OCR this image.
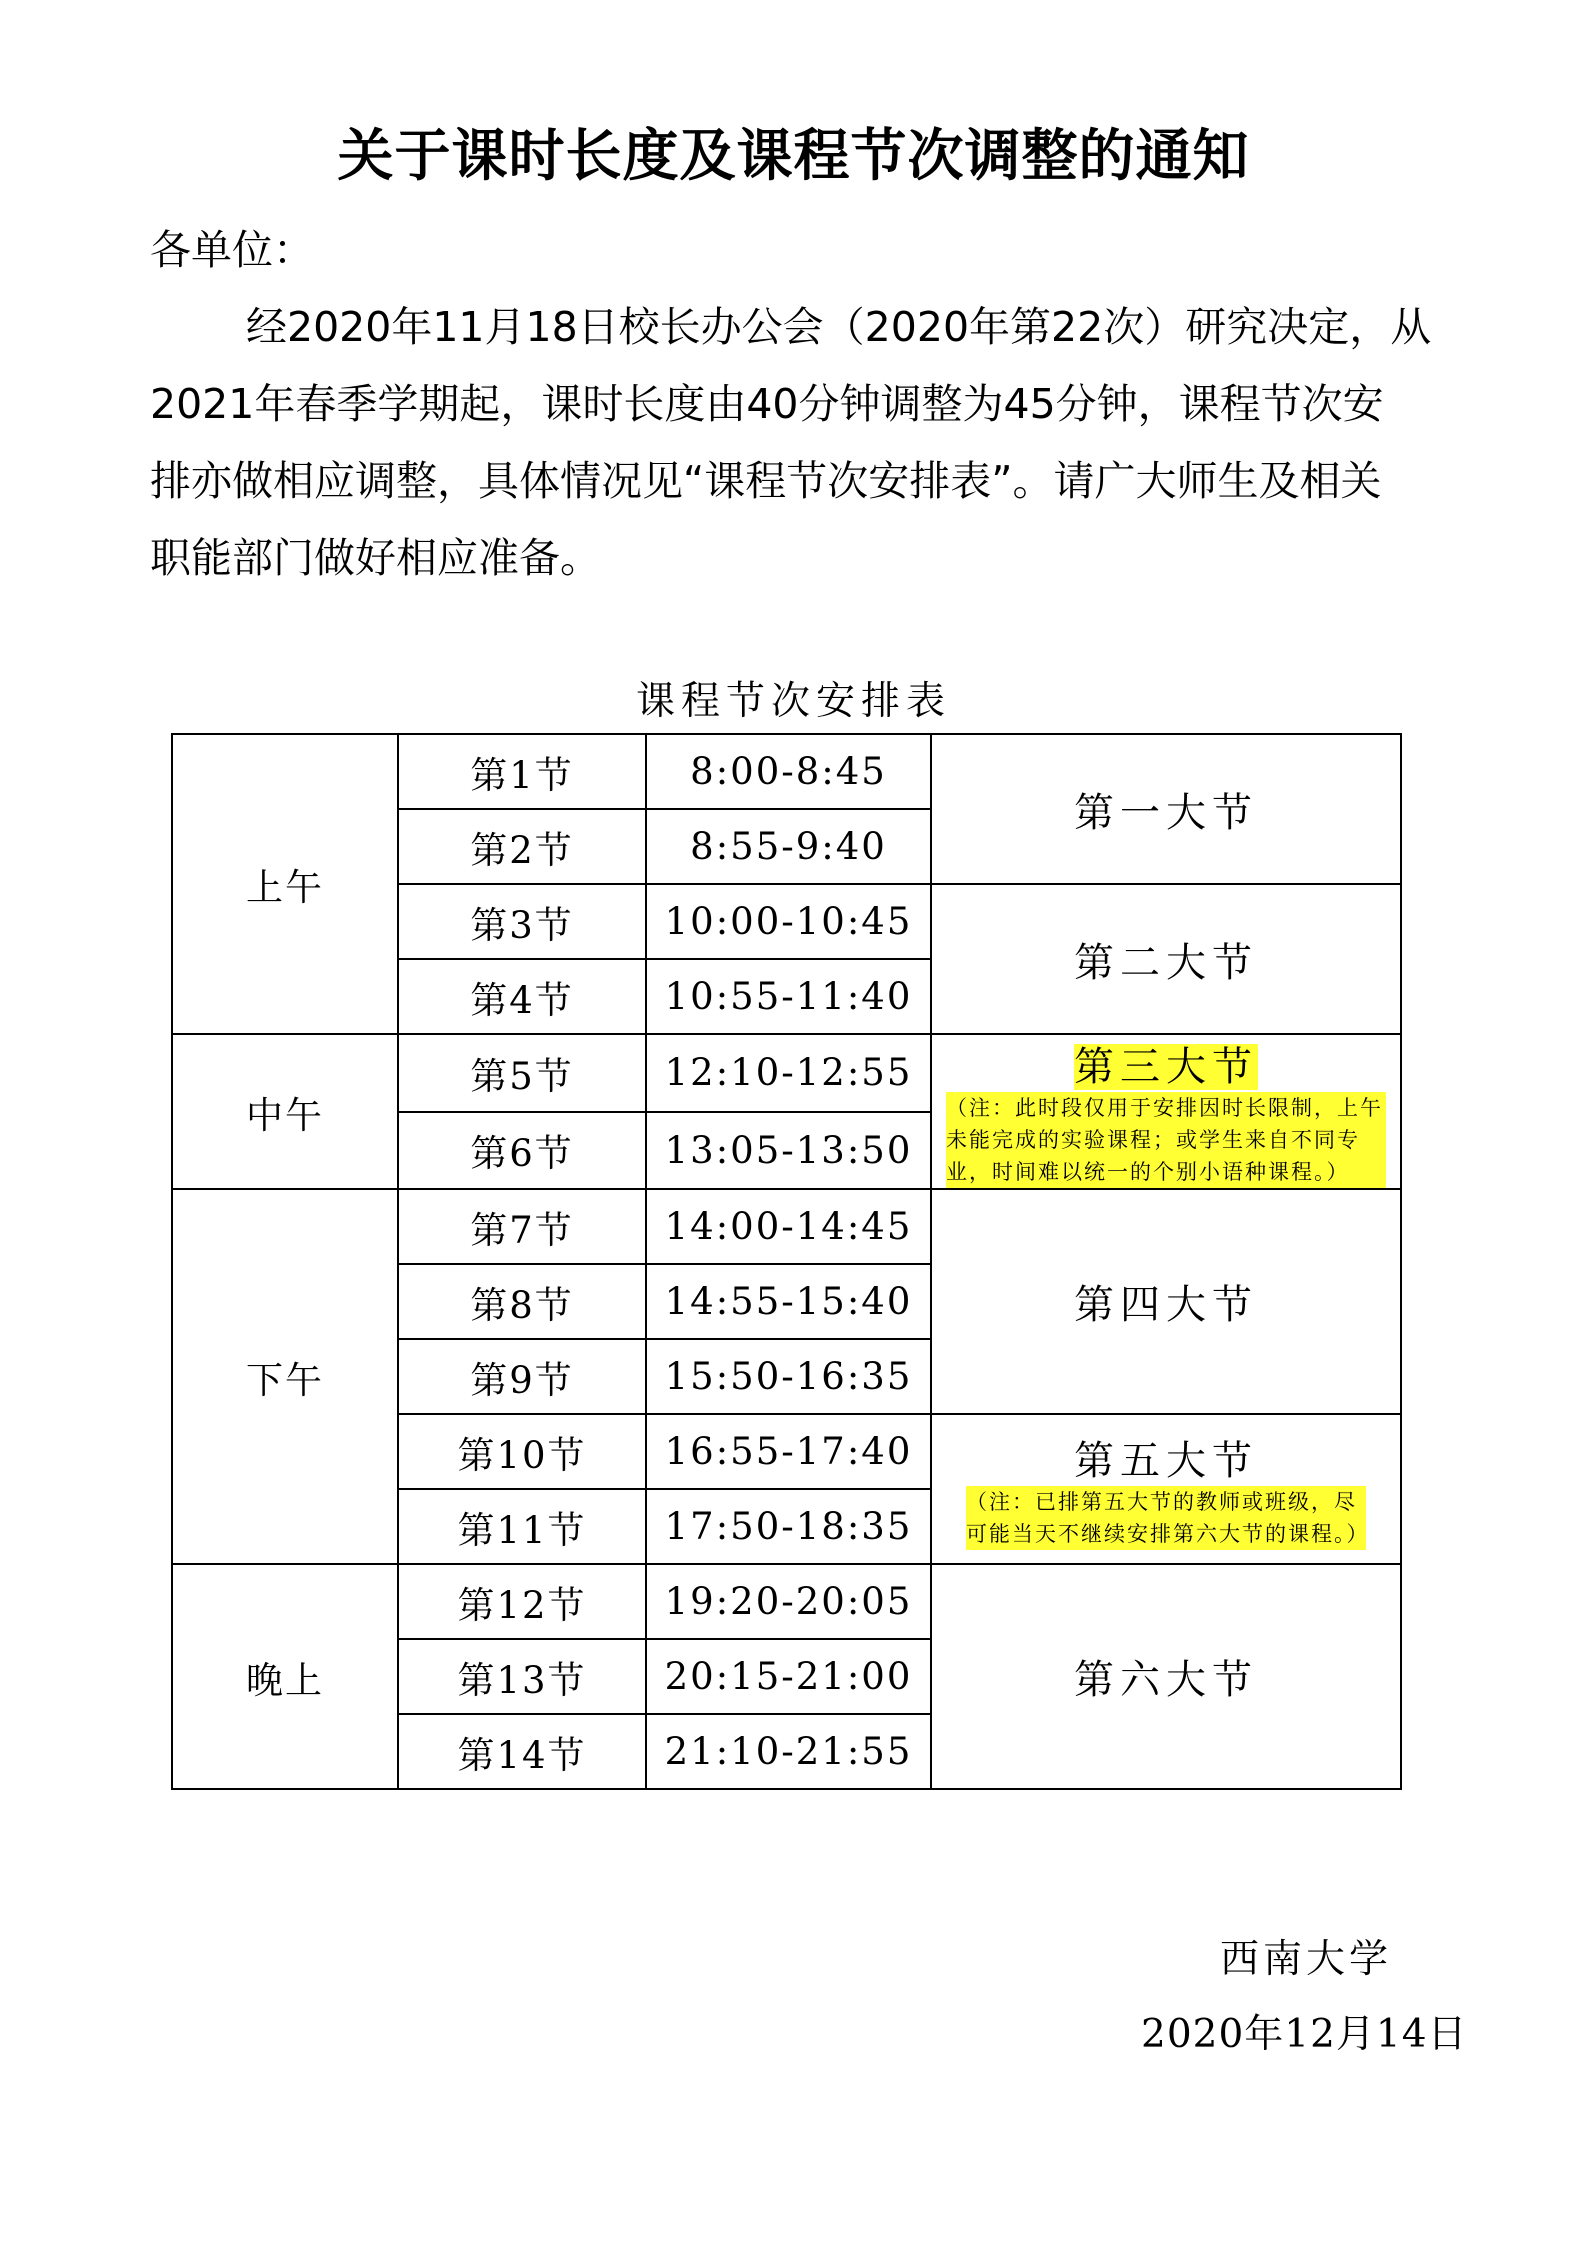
关于课时长度及课程节次调整的通知
各单位：

经2020年11月18日校长办公会（2020年第22次）研究决定，从

2021年春季学期起，课时长度由40分钟调整为45分钟，课程节次安

排亦做相应调整，具体情况见“课程节次安排表”。请广大师生及相关

职能部门做好相应准备。

课程节次安排表
上午	第1节	8:00-8:45	第一大节
	第2节	8:55-9:40	
	第3节	10:00-10:45	第二大节
	第4节	10:55-11:40	
中午	第5节	12:10-12:55	第三大节
（注：此时段仅用于安排因时长限制，上午未能完成的实验课程；或学生来自不同专业，时间难以统一的个别小语种课程。）

	第6节	13:05-13:50	
下午	第7节	14:00-14:45	第四大节
	第8节	14:55-15:40	
	第9节	15:50-16:35	
	第10节	16:55-17:40	第五大节
（注：已排第五大节的教师或班级，尽可能当天不继续安排第六大节的课程。）

	第11节	17:50-18:35	
晚上	第12节	19:20-20:05	第六大节
	第13节	20:15-21:00	
	第14节	21:10-21:55	
西南大学
2020年12月14日
